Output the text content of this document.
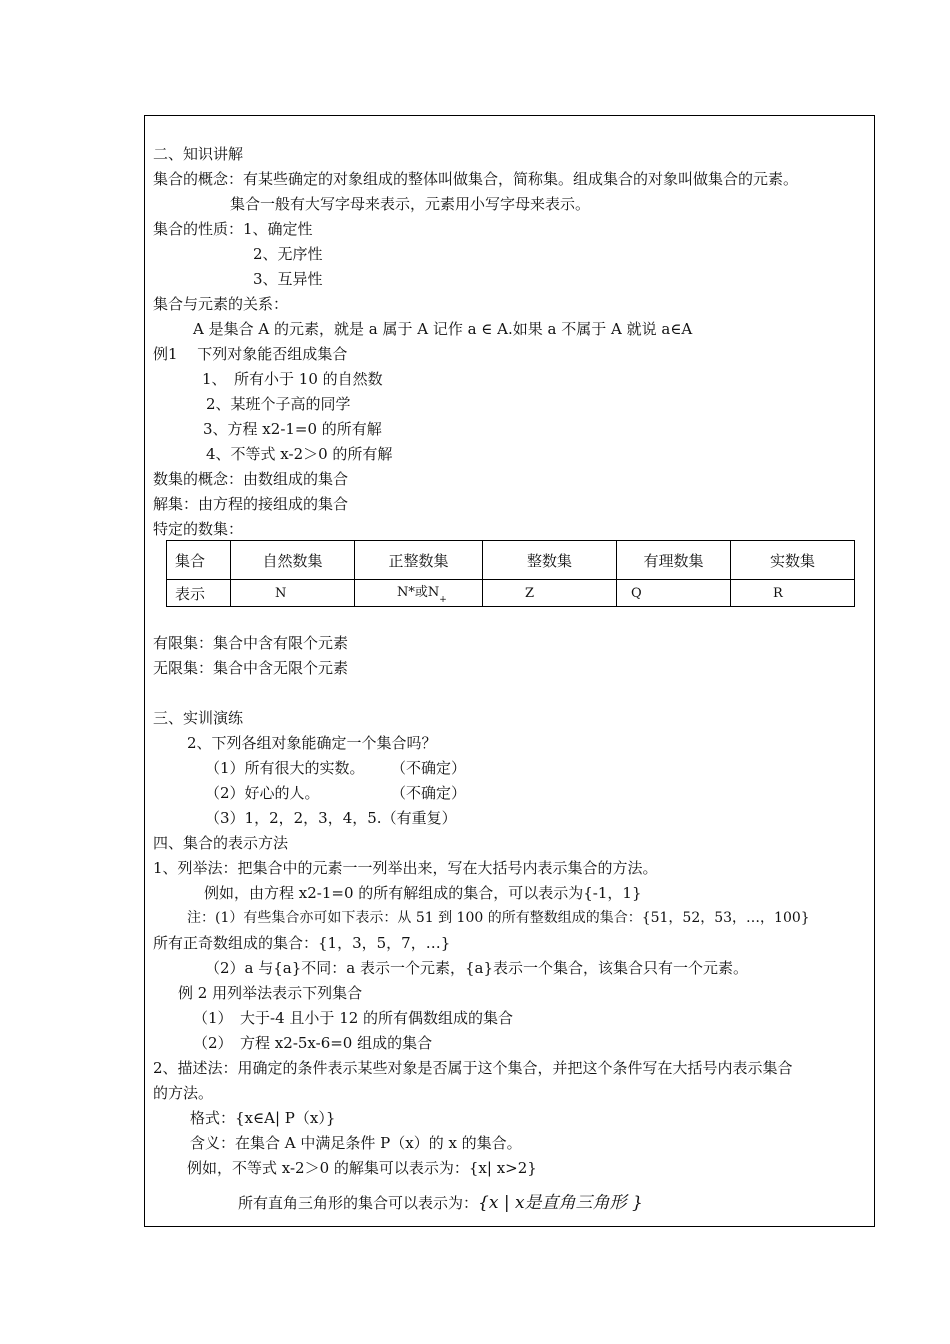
二、知识讲解
集合的概念：有某些确定的对象组成的整体叫做集合，简称集。组成集合的对象叫做集合的元素。
集合一般有大写字母来表示，元素用小写字母来表示。
集合的性质：1、确定性
2、无序性
3、互异性
集合与元素的关系：
A 是集合 A 的元素，就是 a 属于 A 记作 a ∈ A.如果 a 不属于 A 就说 a∈A
例1　 下列对象能否组成集合
1、　所有小于 10 的自然数
2、某班个子高的同学
3、方程 x2-1=0 的所有解
4、不等式 x-2＞0 的所有解
数集的概念：由数组成的集合
解集：由方程的接组成的集合
特定的数集：
集合	自然数集	正整数集	整数集	有理数集	实数集
表示	N	N*或$N_+$	Z	Q	R
有限集：集合中含有限个元素
无限集：集合中含无限个元素
三、实训演练
2、下列各组对象能确定一个集合吗？
（1）所有很大的实数。 （不确定）
（2）好心的人。	（不确定）
（3）1，2，2，3，4，5.（有重复）
四、集合的表示方法
1、列举法：把集合中的元素一一列举出来，写在大括号内表示集合的方法。
例如，由方程 x2-1=0 的所有解组成的集合，可以表示为{-1，1}
注：(1）有些集合亦可如下表示：从 51 到 100 的所有整数组成的集合：{51，52，53，…，100}
所有正奇数组成的集合：{1，3，5，7，…}
（2）a 与{a}不同：a 表示一个元素，{a}表示一个集合，该集合只有一个元素。
例 2 用列举法表示下列集合
（1）　大于-4 且小于 12 的所有偶数组成的集合
（2）　方程 x2-5x-6=0 组成的集合
2、描述法：用确定的条件表示某些对象是否属于这个集合，并把这个条件写在大括号内表示集合
的方法。
格式：{x∈A| P（x）}
含义：在集合 A 中满足条件 P（x）的 x 的集合。
例如，不等式 x-2＞0 的解集可以表示为：{x| x>2}
所有直角三角形的集合可以表示为：{x | x是直角三角形 }
